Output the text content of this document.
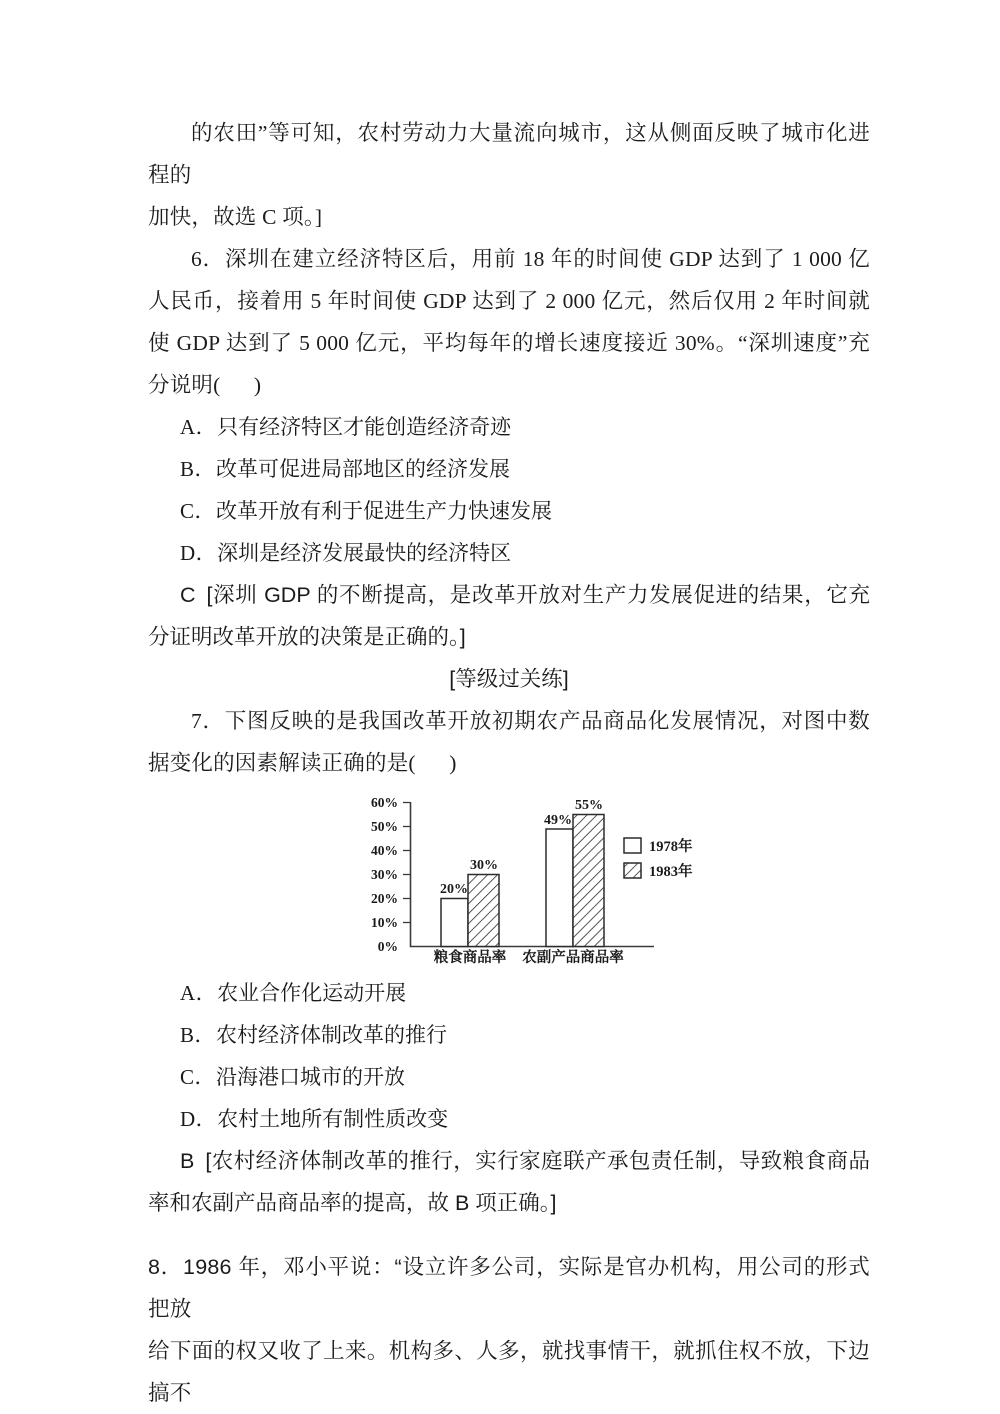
的农田”等可知，农村劳动力大量流向城市，这从侧面反映了城市化进程的

加快，故选 C 项。]

6．深圳在建立经济特区后，用前 18 年的时间使 GDP 达到了 1 000 亿人民币，接着用 5 年时间使 GDP 达到了 2 000 亿元，然后仅用 2 年时间就使 GDP 达到了 5 000 亿元，平均每年的增长速度接近 30%。“深圳速度”充分说明(      )

A．只有经济特区才能创造经济奇迹

B．改革可促进局部地区的经济发展

C．改革开放有利于促进生产力快速发展

D．深圳是经济发展最快的经济特区

C [深圳 GDP 的不断提高，是改革开放对生产力发展促进的结果，它充分证明改革开放的决策是正确的。]

[等级过关练]

7．下图反映的是我国改革开放初期农产品商品化发展情况，对图中数据变化的因素解读正确的是(      )

60%
50%
40%
30%
20%
10%
0%
20%
30%
粮食商品率
49%
55%
农副产品商品率
1978年
1983年

A．农业合作化运动开展

B．农村经济体制改革的推行

C．沿海港口城市的开放

D．农村土地所有制性质改变

B [农村经济体制改革的推行，实行家庭联产承包责任制，导致粮食商品率和农副产品商品率的提高，故 B 项正确。]

8．1986 年，邓小平说：“设立许多公司，实际是官办机构，用公司的形式把放

给下面的权又收了上来。机构多、人多，就找事情干，就抓住权不放，下边搞不
